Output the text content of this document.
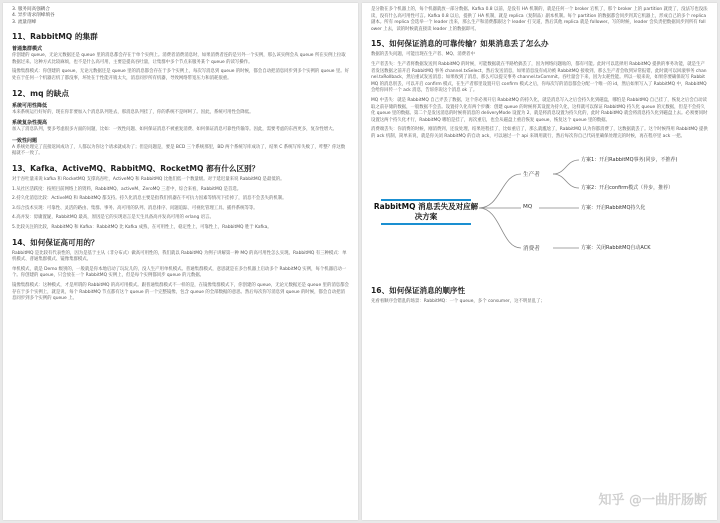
3. 服务间高强耦合
4. 异步请求削峰填谷
3. 流量削峰
11、RabbitMQ 的集群
普通集群模式
你创建的 queue，无论元数据还是 queue 里的消息都会存在于单个实例上。消费者消费消息时，如果消费者连的是另外一个实例，那么该实例会从 queue 所在实例上拉取数据过来。这种方式比较麻烦，也不是什么高可用，主要是提高吞吐量，让集群中多个节点来服务某个 queue 的读写操作。
镜像集群模式：你创建的 queue，无论元数据还是 queue 里的消息都会存在于多个实例上，每次写消息到 queue 的时候，都会自动把消息同步到多个实例的 queue 里。好处在于任何一个机器宕机了都没事，坏处在于性能开销太大，消息同步所有机器，导致网络带宽压力和消耗很重。
12、mq 的缺点
系统可用性降低
本来系统运行好好的，现在你非要加入个消息队列进去，那消息队列挂了，你的系统不是呵呵了。因此，系统可用性会降低。
系统复杂性提高
加入了消息队列，要多考虑很多方面的问题，比如：一致性问题、如何保证消息不被重复消费、如何保证消息可靠性传输等。因此，需要考虑的东西更多，复杂性增大。
一致性问题
A 系统处理完了直接返回成功了，人都以为你这个请求就成功了；但是问题是，要是 BCD 三个系统那里，BD 两个系统写库成功了，结果 C 系统写库失败了，咋整？你这数据就不一致了。
13、Kafka、ActiveMQ、RabbitMQ、RocketMQ 都有什么区别？
对于吞吐量来说 kafka 和 RocketMQ 支撑高吞吐，ActiveMQ 和 RabbitMQ 比他们低一个数量级。对于延迟量来说 RabbitMQ 是最低的。
1.从社区活跃度：按照目前网络上的资料，RabbitMQ、activeM、ZeroMQ 三者中，综合来看，RabbitMQ 是首选。
2.持久化消息比较：ActiveMQ 和 RabbitMQ 都支持。持久化消息主要是指我们机器在不可抗力因素等情况下挂掉了，消息不会丢失的机制。
3.综合技术实现：可靠性、灵活的路由、集群、事务、高可用的队列、消息排序、问题追踪、可视化管理工具、插件系统等等。
4.高并发：毋庸置疑，RabbitMQ 最高，原因是它的实现语言是天生具备高并发高可用的 erlang 语言。
5.比较关注的比较，RabbitMQ 和 Kafka：RabbitMQ 比 Kafka 成熟，在可用性上，稳定性上，可靠性上，RabbitMQ 胜于 Kafka。
14、如何保证高可用的？
RabbitMQ 是比较有代表性的，因为是基于主从（非分布式）做高可用性的，我们就以 RabbitMQ 为例子讲解第一种 MQ 的高可用性怎么实现。RabbitMQ 有三种模式：单机模式、普通集群模式、镜像集群模式。
单机模式，就是 Demo 级别的，一般就是你本地启动了玩玩儿的，没人生产用单机模式。普通集群模式，意思就是在多台机器上启动多个 RabbitMQ 实例，每个机器启动一个。你创建的 queue，只会放在一个 RabbitMQ 实例上，但是每个实例都同步 queue 的元数据。
镜像集群模式：这种模式，才是所谓的 RabbitMQ 的高可用模式。跟普通集群模式不一样的是，在镜像集群模式下，你创建的 queue，无论元数据还是 queue 里的消息都会存在于多个实例上，就是说，每个 RabbitMQ 节点都有这个 queue 的一个完整镜像，包含 queue 的全部数据的意思。然后每次你写消息到 queue 的时候，都会自动把消息同步到多个实例的 queue 上。
是分散在多个机器上的，每个机器就放一部分数据。Kafka 0.8 以前，是没有 HA 机制的，就是任何一个 broker 宕机了，那个 broker 上的 partition 就废了，没法写也没法读，没有什么高可用性可言。Kafka 0.8 以后，提供了 HA 机制，就是 replica（复制品）副本机制。每个 partition 的数据都会同步到其它机器上，形成自己的多个 replica 副本。所有 replica 会选举一个 leader 出来，那么生产和消费都跟这个 leader 打交道，然后其他 replica 就是 follower。写的时候，leader 会负责把数据同步到所有 follower 上去，读的时候就直接读 leader 上的数据即可。
15、如何保证消息的可靠传输？如果消息丢了怎么办
数据的丢失问题，可能出现在生产者、MQ、消费者中
生产者丢失：生产者将数据发送到 RabbitMQ 的时候，可能数据就在半路给搞丢了，因为网络问题啥的，都有可能。此时可以选择用 RabbitMQ 提供的事务功能，就是生产者发送数据之前开启 RabbitMQ 事务 channel.txSelect，然后发送消息，如果消息没有成功被 RabbitMQ 接收到，那么生产者会收到异常报错，此时就可以回滚事务 channel.txRollback，然后重试发送消息；如果收到了消息，那么可以提交事务 channel.txCommit。吞吐量会下来，因为太耗性能。所以一般来说，如果你要确保说写 RabbitMQ 的消息别丢，可以开启 confirm 模式，在生产者那里设置开启 confirm 模式之后，你每次写的消息都会分配一个唯一的 id，然后如果写入了 RabbitMQ 中，RabbitMQ 会给你回传一个 ack 消息，告诉你说这个消息 ok 了。
MQ 中丢失：就是 RabbitMQ 自己弄丢了数据，这个你必须开启 RabbitMQ 的持久化，就是消息写入之后会持久化到磁盘，哪怕是 RabbitMQ 自己挂了，恢复之后会自动读取之前存储的数据，一般数据不会丢。设置持久化有两个步骤：创建 queue 的时候将其设置为持久化，这样就可以保证 RabbitMQ 持久化 queue 的元数据，但是不会持久化 queue 里的数据。第二个是发送消息的时候将消息的 deliveryMode 设置为 2，就是将消息设置为持久化的，此时 RabbitMQ 就会将消息持久化到磁盘上去。必须要同时设置这两个持久化才行，RabbitMQ 哪怕是挂了，再次重启，也会从磁盘上重启恢复 queue，恢复这个 queue 里的数据。
消费端丢失：你消费的时候，刚消费到，还没处理，结果进程挂了，比如重启了，那么就尴尬了，RabbitMQ 认为你都消费了，这数据就丢了。这个时候得用 RabbitMQ 提供的 ack 机制，简单来说，就是你关闭 RabbitMQ 的自动 ack，可以通过一个 api 来调用就行，然后每次你自己代码里确保处理完的时候，再在程序里 ack 一把。
RabbitMQ 消息丢失及对应解决方案
生产者
方案1：开启RabbitMQ事务(同步，不推荐)
方案2：开启confirm模式（异步，推荐）
MQ	方案：开启RabbitMQ持久化
消费者	方案：关闭RabbitMQ自动ACK
16、如何保证消息的顺序性
先看看顺序会错乱的场景：RabbitMQ：一个 queue，多个 consumer，这不明显乱了；
知乎 @一曲肝肠断
